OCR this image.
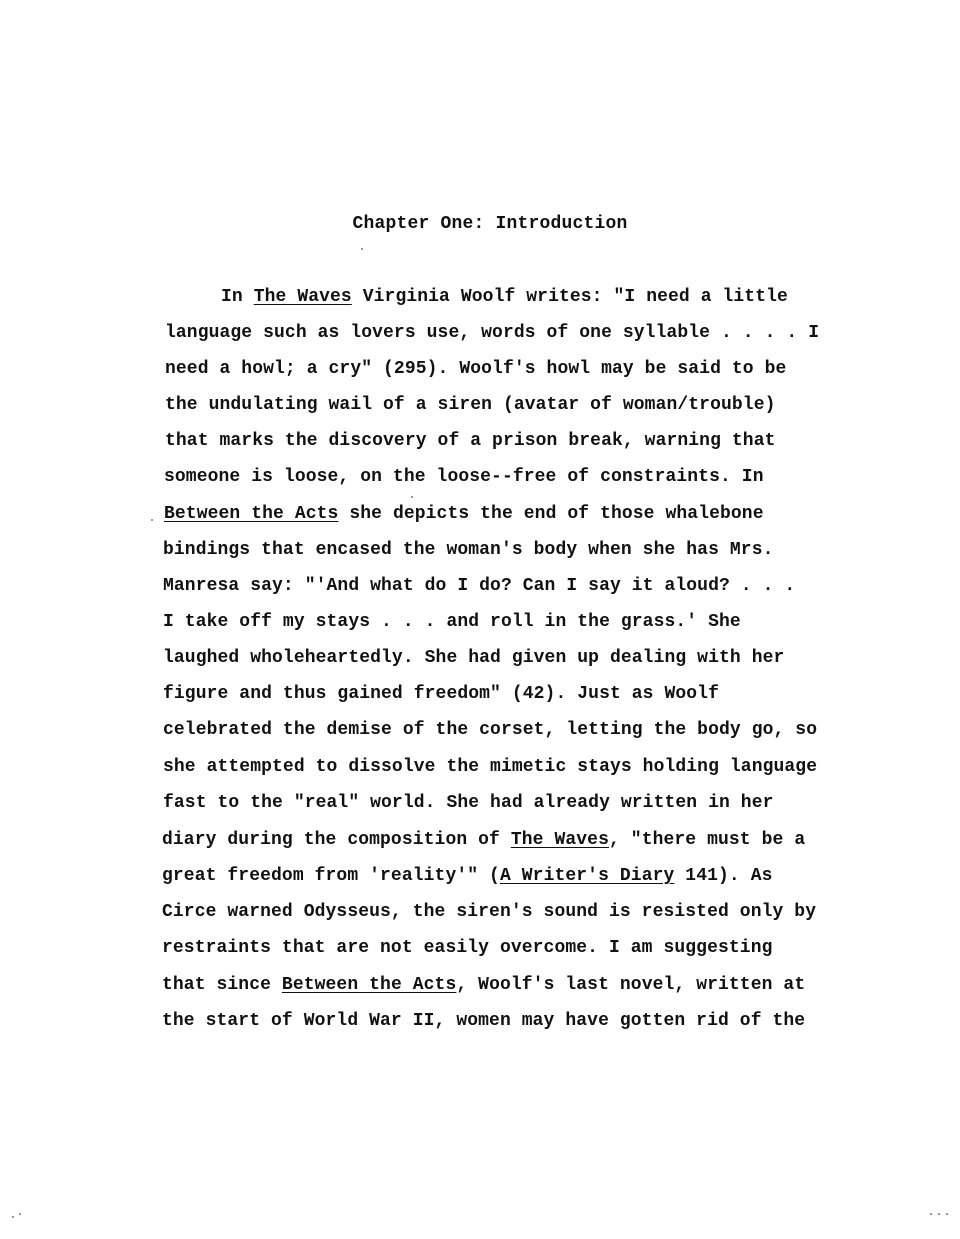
Chapter One: Introduction
In The Waves Virginia Woolf writes: "I need a little
language such as lovers use, words of one syllable . . . . I
need a howl; a cry" (295). Woolf's howl may be said to be
the undulating wail of a siren (avatar of woman/trouble)
that marks the discovery of a prison break, warning that
someone is loose, on the loose--free of constraints. In
Between the Acts she depicts the end of those whalebone
bindings that encased the woman's body when she has Mrs.
Manresa say: "'And what do I do? Can I say it aloud? . . .
I take off my stays . . . and roll in the grass.' She
laughed wholeheartedly. She had given up dealing with her
figure and thus gained freedom" (42). Just as Woolf
celebrated the demise of the corset, letting the body go, so
she attempted to dissolve the mimetic stays holding language
fast to the "real" world. She had already written in her
diary during the composition of The Waves, "there must be a
great freedom from 'reality'" (A Writer's Diary 141). As
Circe warned Odysseus, the siren's sound is resisted only by
restraints that are not easily overcome. I am suggesting
that since Between the Acts, Woolf's last novel, written at
the start of World War II, women may have gotten rid of the
